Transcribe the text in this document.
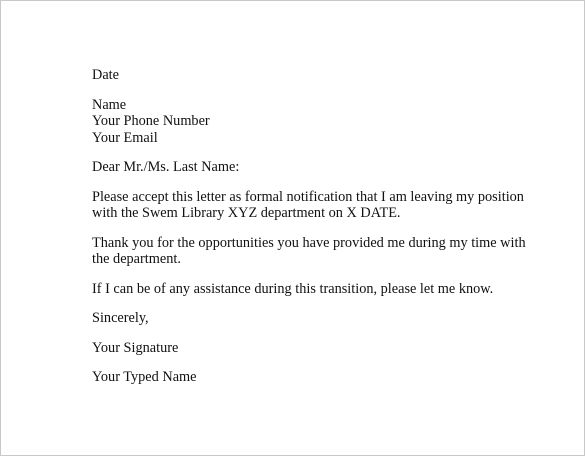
Date

Name

Your Phone Number

Your Email

Dear Mr./Ms. Last Name:

Please accept this letter as formal notification that I am leaving my position

with the Swem Library XYZ department on X DATE.

Thank you for the opportunities you have provided me during my time with

the department.

If I can be of any assistance during this transition, please let me know.

Sincerely,

Your Signature

Your Typed Name
